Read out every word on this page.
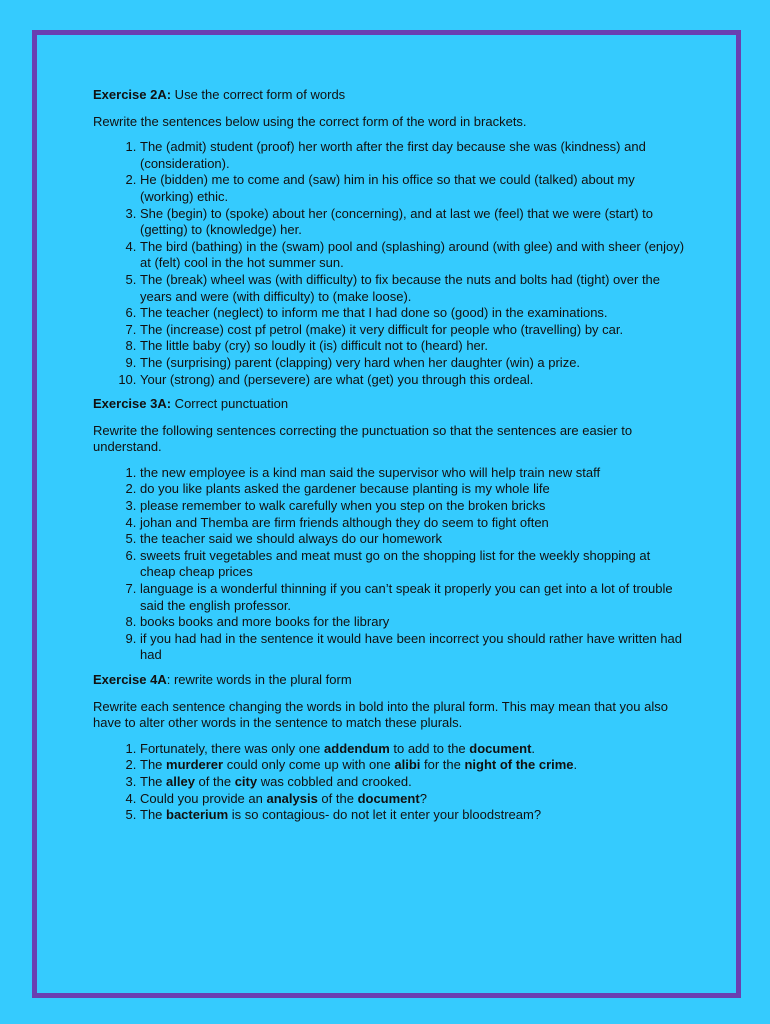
Exercise 2A: Use the correct form of words

Rewrite the sentences below using the correct form of the word in brackets.

1. The (admit) student (proof) her worth after the first day because she was (kindness) and (consideration).
2. He (bidden) me to come and (saw) him in his office so that we could (talked) about my (working) ethic.
3. She (begin) to (spoke) about her (concerning), and at last we (feel) that we were (start) to (getting) to (knowledge) her.
4. The bird (bathing) in the (swam) pool and (splashing) around (with glee) and with sheer (enjoy) at (felt) cool in the hot summer sun.
5. The (break) wheel was (with difficulty) to fix because the nuts and bolts had (tight) over the years and were (with difficulty) to (make loose).
6. The teacher (neglect) to inform me that I had done so (good) in the examinations.
7. The (increase) cost pf petrol (make) it very difficult for people who (travelling) by car.
8. The little baby (cry) so loudly it (is) difficult not to (heard) her.
9. The (surprising) parent (clapping) very hard when her daughter (win) a prize.
10. Your (strong) and (persevere) are what (get) you through this ordeal.

Exercise 3A: Correct punctuation

Rewrite the following sentences correcting the punctuation so that the sentences are easier to understand.

1. the new employee is a kind man said the supervisor who will help train new staff
2. do you like plants asked the gardener because planting is my whole life
3. please remember to walk carefully when you step on the broken bricks
4. johan and Themba are firm friends although they do seem to fight often
5. the teacher said we should always do our homework
6. sweets fruit vegetables and meat must go on the shopping list for the weekly shopping at cheap cheap prices
7. language is a wonderful thinning if you can’t speak it properly you can get into a lot of trouble said the english professor.
8. books books and more books for the library
9. if you had had in the sentence it would have been incorrect you should rather have written had had

Exercise 4A: rewrite words in the plural form

Rewrite each sentence changing the words in bold into the plural form. This may mean that you also have to alter other words in the sentence to match these plurals.

1. Fortunately, there was only one addendum to add to the document.
2. The murderer could only come up with one alibi for the night of the crime.
3. The alley of the city was cobbled and crooked.
4. Could you provide an analysis of the document?
5. The bacterium is so contagious- do not let it enter your bloodstream?
